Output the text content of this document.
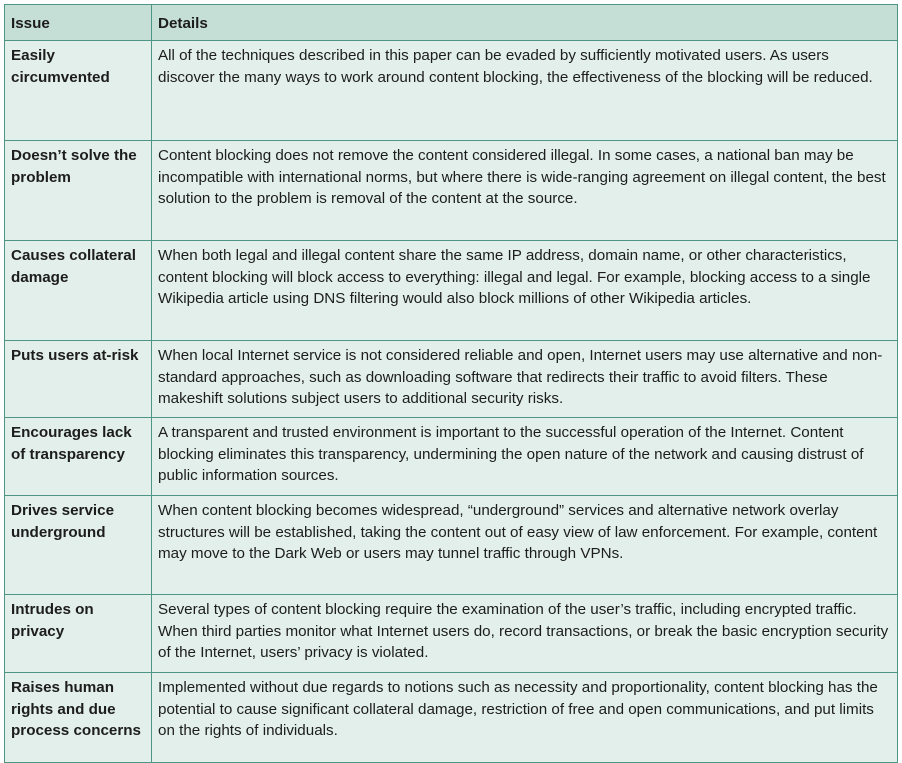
Issue	Details
Easily circumvented	All of the techniques described in this paper can be evaded by sufficiently motivated users. As users discover the many ways to work around content blocking, the effectiveness of the blocking will be reduced.
Doesn’t solve the problem	Content blocking does not remove the content considered illegal. In some cases, a national ban may be incompatible with international norms, but where there is wide-ranging agreement on illegal content, the best solution to the problem is removal of the content at the source.
Causes collateral damage	When both legal and illegal content share the same IP address, domain name, or other characteristics, content blocking will block access to everything: illegal and legal. For example, blocking access to a single Wikipedia article using DNS filtering would also block millions of other Wikipedia articles.
Puts users at-risk	When local Internet service is not considered reliable and open, Internet users may use alternative and non-standard approaches, such as downloading software that redirects their traffic to avoid filters. These makeshift solutions subject users to additional security risks.
Encourages lack of transparency	A transparent and trusted environment is important to the successful operation of the Internet. Content blocking eliminates this transparency, undermining the open nature of the network and causing distrust of public information sources.
Drives service underground	When content blocking becomes widespread, “underground” services and alternative network overlay structures will be established, taking the content out of easy view of law enforcement. For example, content may move to the Dark Web or users may tunnel traffic through VPNs.
Intrudes on privacy	Several types of content blocking require the examination of the user’s traffic, including encrypted traffic. When third parties monitor what Internet users do, record transactions, or break the basic encryption security of the Internet, users’ privacy is violated.
Raises human rights and due process concerns	Implemented without due regards to notions such as necessity and proportionality, content blocking has the potential to cause significant collateral damage, restriction of free and open communications, and put limits on the rights of individuals.
